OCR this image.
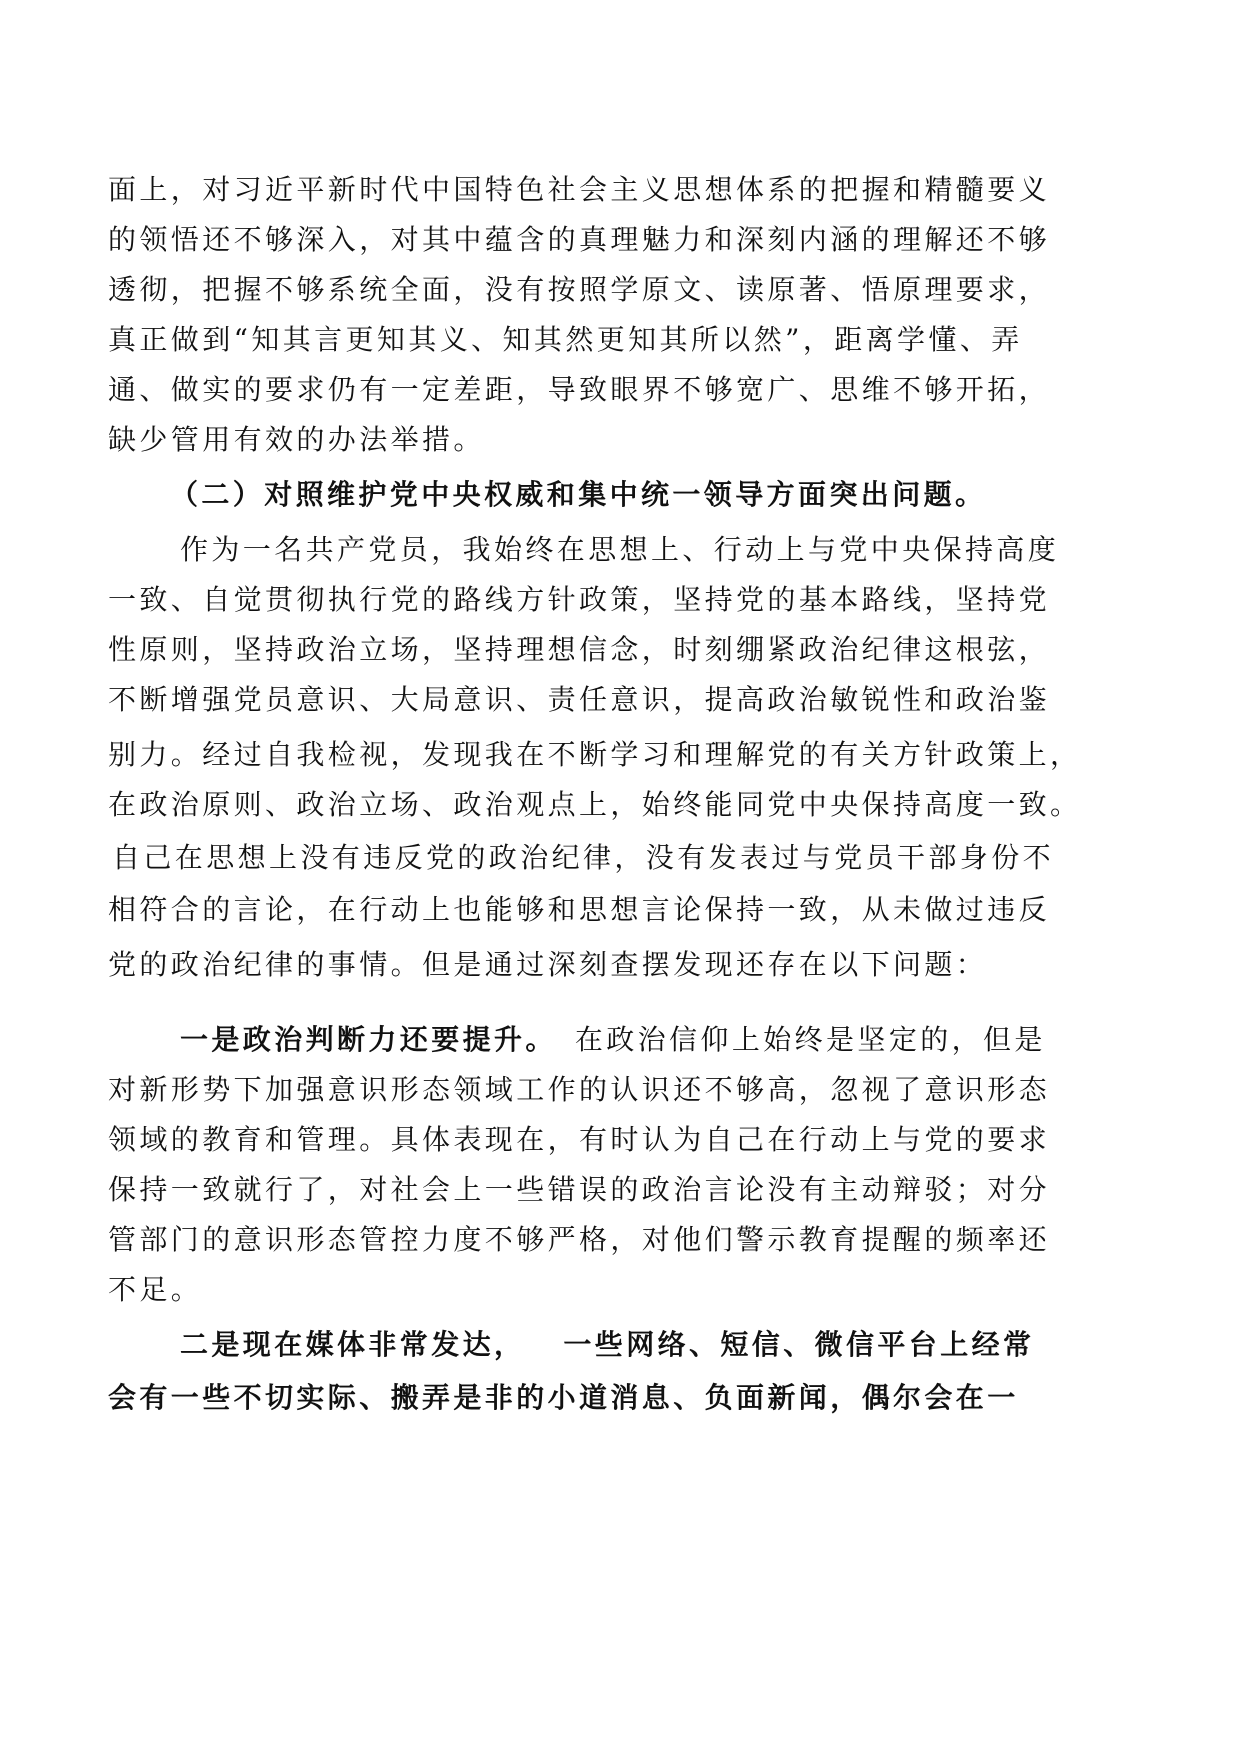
面上，对习近平新时代中国特色社会主义思想体系的把握和精髓要义
的领悟还不够深入，对其中蕴含的真理魅力和深刻内涵的理解还不够
透彻，把握不够系统全面，没有按照学原文、读原著、悟原理要求，
真正做到“知其言更知其义、知其然更知其所以然”，距离学懂、弄
通、做实的要求仍有一定差距，导致眼界不够宽广、思维不够开拓，
缺少管用有效的办法举措。
（二）对照维护党中央权威和集中统一领导方面突出问题。
作为一名共产党员，我始终在思想上、行动上与党中央保持高度
一致、自觉贯彻执行党的路线方针政策，坚持党的基本路线，坚持党
性原则，坚持政治立场，坚持理想信念，时刻绷紧政治纪律这根弦，
不断增强党员意识、大局意识、责任意识，提高政治敏锐性和政治鉴
别力。经过自我检视，发现我在不断学习和理解党的有关方针政策上，
在政治原则、政治立场、政治观点上，始终能同党中央保持高度一致。
自己在思想上没有违反党的政治纪律，没有发表过与党员干部身份不
相符合的言论，在行动上也能够和思想言论保持一致，从未做过违反
党的政治纪律的事情。但是通过深刻查摆发现还存在以下问题：
一是政治判断力还要提升。 在政治信仰上始终是坚定的，但是
对新形势下加强意识形态领域工作的认识还不够高，忽视了意识形态
领域的教育和管理。具体表现在，有时认为自己在行动上与党的要求
保持一致就行了，对社会上一些错误的政治言论没有主动辩驳；对分
管部门的意识形态管控力度不够严格，对他们警示教育提醒的频率还
不足。
二是现在媒体非常发达， 一些网络、短信、微信平台上经常
会有一些不切实际、搬弄是非的小道消息、负面新闻，偶尔会在一
